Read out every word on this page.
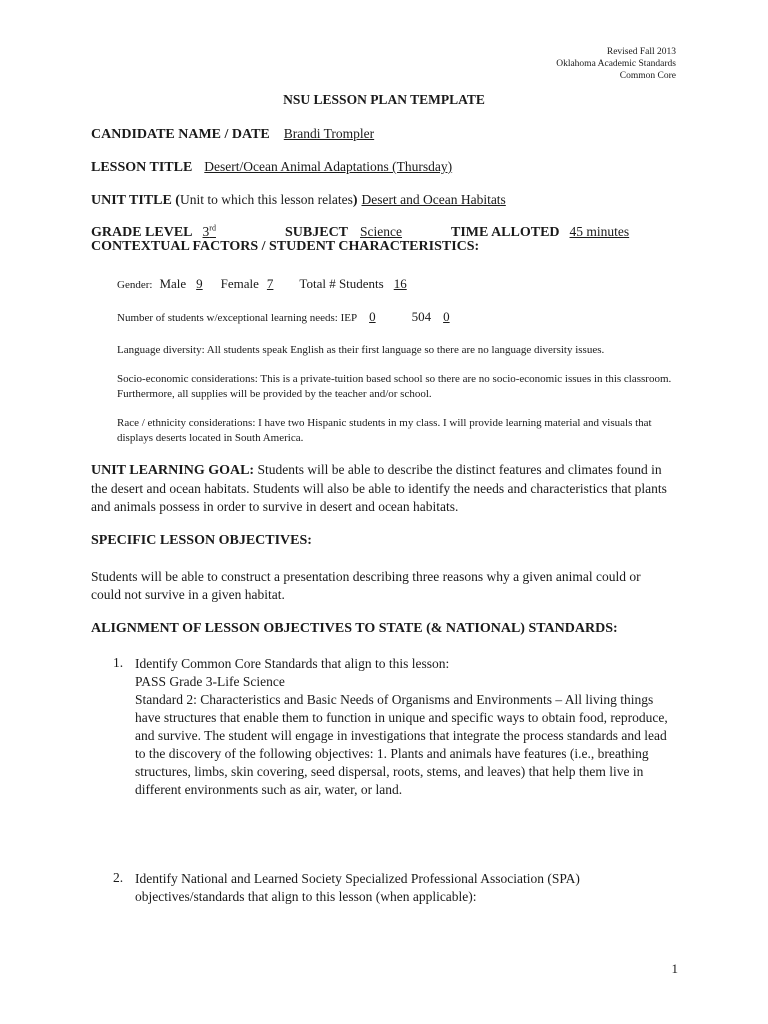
Revised Fall 2013
Oklahoma Academic Standards
Common Core
NSU LESSON PLAN TEMPLATE
CANDIDATE NAME / DATE Brandi Trompler
LESSON TITLE Desert/Ocean Animal Adaptations (Thursday)
UNIT TITLE (Unit to which this lesson relates) Desert and Ocean Habitats
GRADE LEVEL 3rd	SUBJECT Science	TIME ALLOTED 45 minutes
CONTEXTUAL FACTORS / STUDENT CHARACTERISTICS:
Gender: Male 9 Female 7 Total # Students 16
Number of students w/exceptional learning needs: IEP 0	504 0
Language diversity: All students speak English as their first language so there are no language diversity issues.
Socio-economic considerations: This is a private-tuition based school so there are no socio-economic issues in this classroom. Furthermore, all supplies will be provided by the teacher and/or school.
Race / ethnicity considerations: I have two Hispanic students in my class. I will provide learning material and visuals that displays deserts located in South America.
UNIT LEARNING GOAL: Students will be able to describe the distinct features and climates found in the desert and ocean habitats. Students will also be able to identify the needs and characteristics that plants and animals possess in order to survive in desert and ocean habitats.
SPECIFIC LESSON OBJECTIVES:
Students will be able to construct a presentation describing three reasons why a given animal could or could not survive in a given habitat.
ALIGNMENT OF LESSON OBJECTIVES TO STATE (& NATIONAL) STANDARDS:
1. Identify Common Core Standards that align to this lesson:
PASS Grade 3-Life Science
Standard 2: Characteristics and Basic Needs of Organisms and Environments – All living things have structures that enable them to function in unique and specific ways to obtain food, reproduce, and survive. The student will engage in investigations that integrate the process standards and lead to the discovery of the following objectives: 1. Plants and animals have features (i.e., breathing structures, limbs, skin covering, seed dispersal, roots, stems, and leaves) that help them live in different environments such as air, water, or land.
2. Identify National and Learned Society Specialized Professional Association (SPA) objectives/standards that align to this lesson (when applicable):
1
